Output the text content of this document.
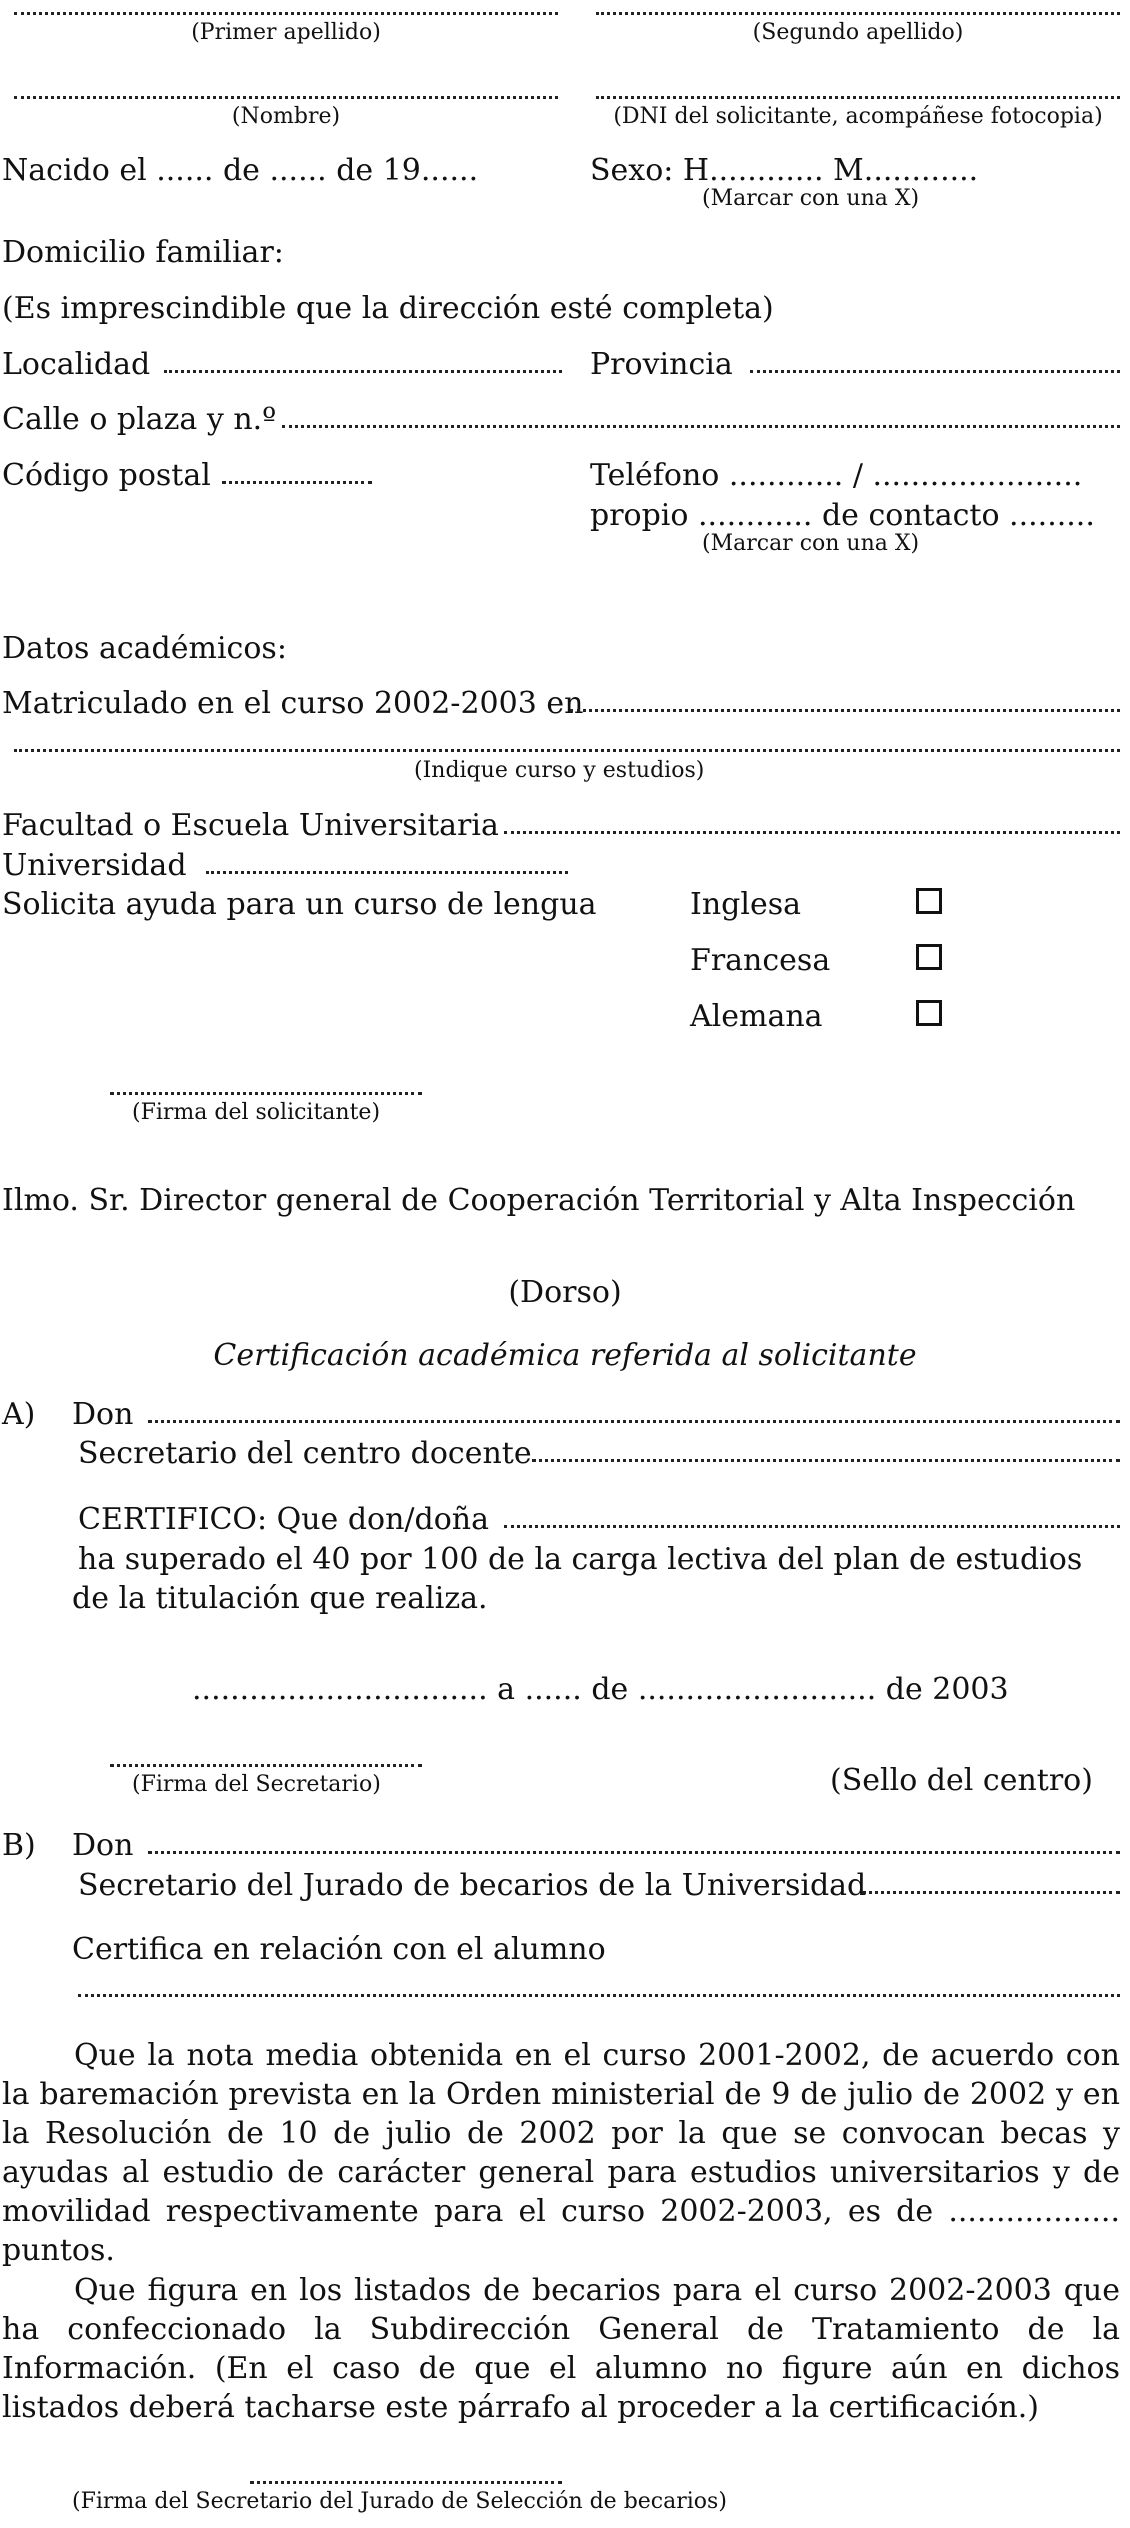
(Primer apellido)	(Segundo apellido)
(Nombre)	(DNI del solicitante, acompáñese fotocopia)
Nacido el ...... de ...... de 19......	Sexo: H............ M............
(Marcar con una X)
Domicilio familiar:
(Es imprescindible que la dirección esté completa)
Localidad	Provincia
Calle o plaza y n.º
Código postal	Teléfono ............ / ......................
propio ............ de contacto .........
(Marcar con una X)
Datos académicos:
Matriculado en el curso 2002-2003 en
(Indique curso y estudios)
Facultad o Escuela Universitaria
Universidad
Solicita ayuda para un curso de lengua	Inglesa
Francesa
Alemana
(Firma del solicitante)
Ilmo. Sr. Director general de Cooperación Territorial y Alta Inspección
(Dorso)
Certificación académica referida al solicitante
A) Don
Secretario del centro docente
CERTIFICO: Que don/doña
ha superado el 40 por 100 de la carga lectiva del plan de estudios
de la titulación que realiza.
............................... a ...... de ......................... de 2003
(Firma del Secretario)	(Sello del centro)
B) Don
Secretario del Jurado de becarios de la Universidad
Certifica en relación con el alumno
Que la nota media obtenida en el curso 2001-2002, de acuerdo con la baremación prevista en la Orden ministerial de 9 de julio de 2002 y en la Resolución de 10 de julio de 2002 por la que se convocan becas y ayudas al estudio de carácter general para estudios universitarios y de movilidad respectivamente para el curso 2002-2003, es de .................. puntos.
Que figura en los listados de becarios para el curso 2002-2003 que ha confeccionado la Subdirección General de Tratamiento de la Información. (En el caso de que el alumno no figure aún en dichos listados deberá tacharse este párrafo al proceder a la certificación.)
(Firma del Secretario del Jurado de Selección de becarios)
